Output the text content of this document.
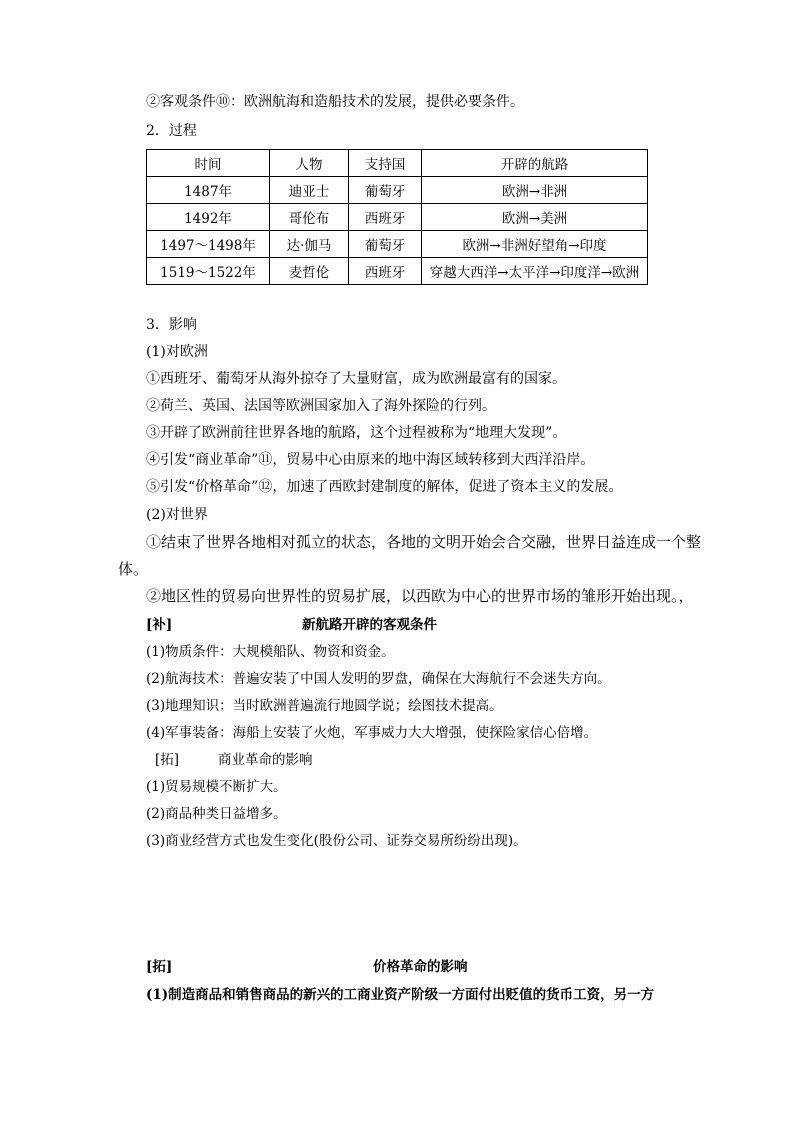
②客观条件⑩：欧洲航海和造船技术的发展，提供必要条件。
2．过程
时间	人物	支持国	开辟的航路
1487年	迪亚士	葡萄牙	欧洲→非洲
1492年	哥伦布	西班牙	欧洲→美洲
1497～1498年	达·伽马	葡萄牙	欧洲→非洲好望角→印度
1519～1522年	麦哲伦	西班牙	穿越大西洋→太平洋→印度洋→欧洲
3．影响
(1)对欧洲
①西班牙、葡萄牙从海外掠夺了大量财富，成为欧洲最富有的国家。
②荷兰、英国、法国等欧洲国家加入了海外探险的行列。
③开辟了欧洲前往世界各地的航路，这个过程被称为“地理大发现”。
④引发“商业革命”⑪，贸易中心由原来的地中海区域转移到大西洋沿岸。
⑤引发“价格革命”⑫，加速了西欧封建制度的解体，促进了资本主义的发展。
(2)对世界
①结束了世界各地相对孤立的状态，各地的文明开始会合交融，世界日益连成一个整
体。
②地区性的贸易向世界性的贸易扩展，以西欧为中心的世界市场的雏形开始出现。，
[补]	新航路开辟的客观条件
(1)物质条件：大规模船队、物资和资金。
(2)航海技术：普遍安装了中国人发明的罗盘，确保在大海航行不会迷失方向。
(3)地理知识：当时欧洲普遍流行地圆学说；绘图技术提高。
(4)军事装备：海船上安装了火炮，军事威力大大增强，使探险家信心倍增。
[拓]	商业革命的影响
(1)贸易规模不断扩大。
(2)商品种类日益增多。
(3)商业经营方式也发生变化(股份公司、证券交易所纷纷出现)。
[拓]	价格革命的影响
(1)制造商品和销售商品的新兴的工商业资产阶级一方面付出贬值的货币工资，另一方
